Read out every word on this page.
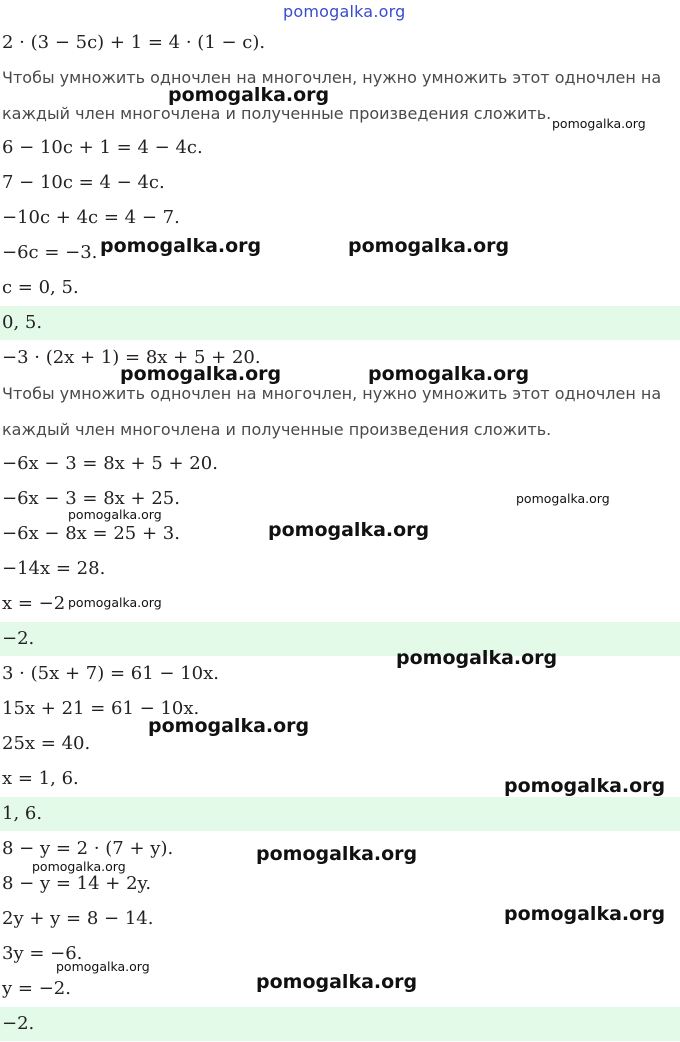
pomogalka.org
2 · (3 − 5c) + 1 = 4 · (1 − c).
Чтобы умножить одночлен на многочлен, нужно умножить этот одночлен на
каждый член многочлена и полученные произведения сложить.
6 − 10c + 1 = 4 − 4c.
7 − 10c = 4 − 4c.
−10c + 4c = 4 − 7.
−6c = −3.
c = 0, 5.
0, 5.
−3 · (2x + 1) = 8x + 5 + 20.
Чтобы умножить одночлен на многочлен, нужно умножить этот одночлен на
каждый член многочлена и полученные произведения сложить.
−6x − 3 = 8x + 5 + 20.
−6x − 3 = 8x + 25.
−6x − 8x = 25 + 3.
−14x = 28.
x = −2
−2.
3 · (5x + 7) = 61 − 10x.
15x + 21 = 61 − 10x.
25x = 40.
x = 1, 6.
1, 6.
8 − y = 2 · (7 + y).
8 − y = 14 + 2y.
2y + y = 8 − 14.
3y = −6.
y = −2.
−2.
pomogalka.org
pomogalka.org
pomogalka.org	pomogalka.org
pomogalka.org	pomogalka.org
pomogalka.org
pomogalka.org
pomogalka.org
pomogalka.org
pomogalka.org
pomogalka.org
pomogalka.org
pomogalka.org
pomogalka.org
pomogalka.org
pomogalka.org
pomogalka.org
